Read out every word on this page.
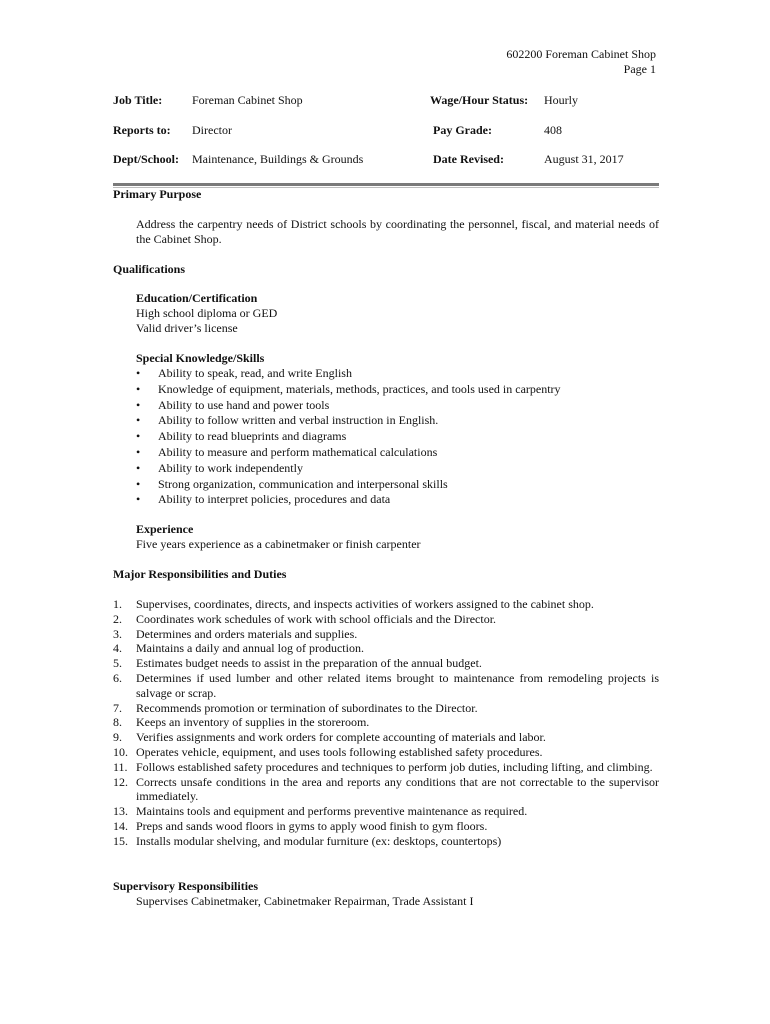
602200 Foreman Cabinet Shop
Page 1
Job Title: Foreman Cabinet Shop	Wage/Hour Status: Hourly
Reports to: Director	Pay Grade:	408
Dept/School: Maintenance, Buildings & Grounds	Date Revised:	August 31, 2017
Primary Purpose
Address the carpentry needs of District schools by coordinating the personnel, fiscal, and material needs of the Cabinet Shop.
Qualifications
Education/Certification
High school diploma or GED
Valid driver’s license
Special Knowledge/Skills
• Ability to speak, read, and write English
• Knowledge of equipment, materials, methods, practices, and tools used in carpentry
• Ability to use hand and power tools
• Ability to follow written and verbal instruction in English.
• Ability to read blueprints and diagrams
• Ability to measure and perform mathematical calculations
• Ability to work independently
• Strong organization, communication and interpersonal skills
• Ability to interpret policies, procedures and data
Experience
Five years experience as a cabinetmaker or finish carpenter
Major Responsibilities and Duties
1.	Supervises, coordinates, directs, and inspects activities of workers assigned to the cabinet shop.
2.	Coordinates work schedules of work with school officials and the Director.
3.	Determines and orders materials and supplies.
4.	Maintains a daily and annual log of production.
5.	Estimates budget needs to assist in the preparation of the annual budget.
6.	Determines if used lumber and other related items brought to maintenance from remodeling projects is salvage or scrap.
7.	Recommends promotion or termination of subordinates to the Director.
8.	Keeps an inventory of supplies in the storeroom.
9.	Verifies assignments and work orders for complete accounting of materials and labor.
10. Operates vehicle, equipment, and uses tools following established safety procedures.
11. Follows established safety procedures and techniques to perform job duties, including lifting, and climbing.
12. Corrects unsafe conditions in the area and reports any conditions that are not correctable to the supervisor immediately.
13. Maintains tools and equipment and performs preventive maintenance as required.
14. Preps and sands wood floors in gyms to apply wood finish to gym floors.
15. Installs modular shelving, and modular furniture (ex: desktops, countertops)
Supervisory Responsibilities
Supervises Cabinetmaker, Cabinetmaker Repairman, Trade Assistant I
